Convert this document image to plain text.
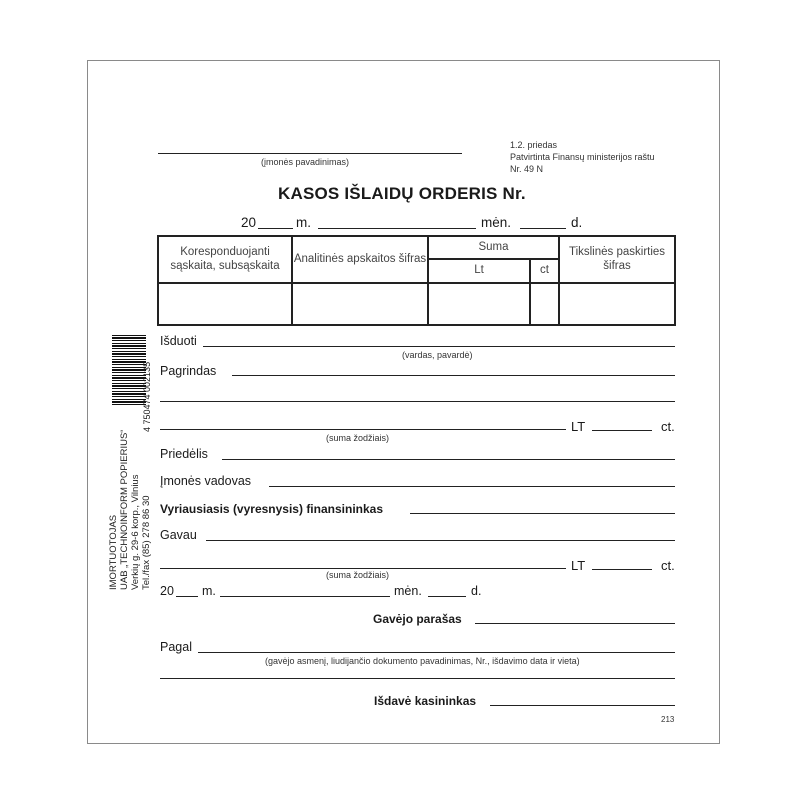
(įmonės pavadinimas)
1.2. priedas
Patvirtinta Finansų ministerijos raštu
Nr. 49 N
KASOS IŠLAIDŲ ORDERIS Nr.
20	m.	mėn.	d.
Koresponduojanti sąskaita, subsąskaita	Analitinės apskaitos šifras	Suma		Tikslinės paskirties šifras
		Lt	ct	

Išduoti
(vardas, pavardė)
Pagrindas
LT	ct.
(suma žodžiais)
Priedėlis
Įmonės vadovas
Vyriausiasis (vyresnysis) finansininkas
Gavau
LT	ct.
(suma žodžiais)
20 m.	mėn.	d.
Gavėjo parašas
Pagal
(gavėjo asmenį, liudijančio dokumento pavadinimas, Nr., išdavimo data ir vieta)
Išdavė kasininkas
213
4 750474 002135
IMORTUOTOJAS UAB „TECHNOINFORM POPIERIUS“ Verkių g. 29-6 korp., Vilnius Tel./fax (85) 278 86 30
